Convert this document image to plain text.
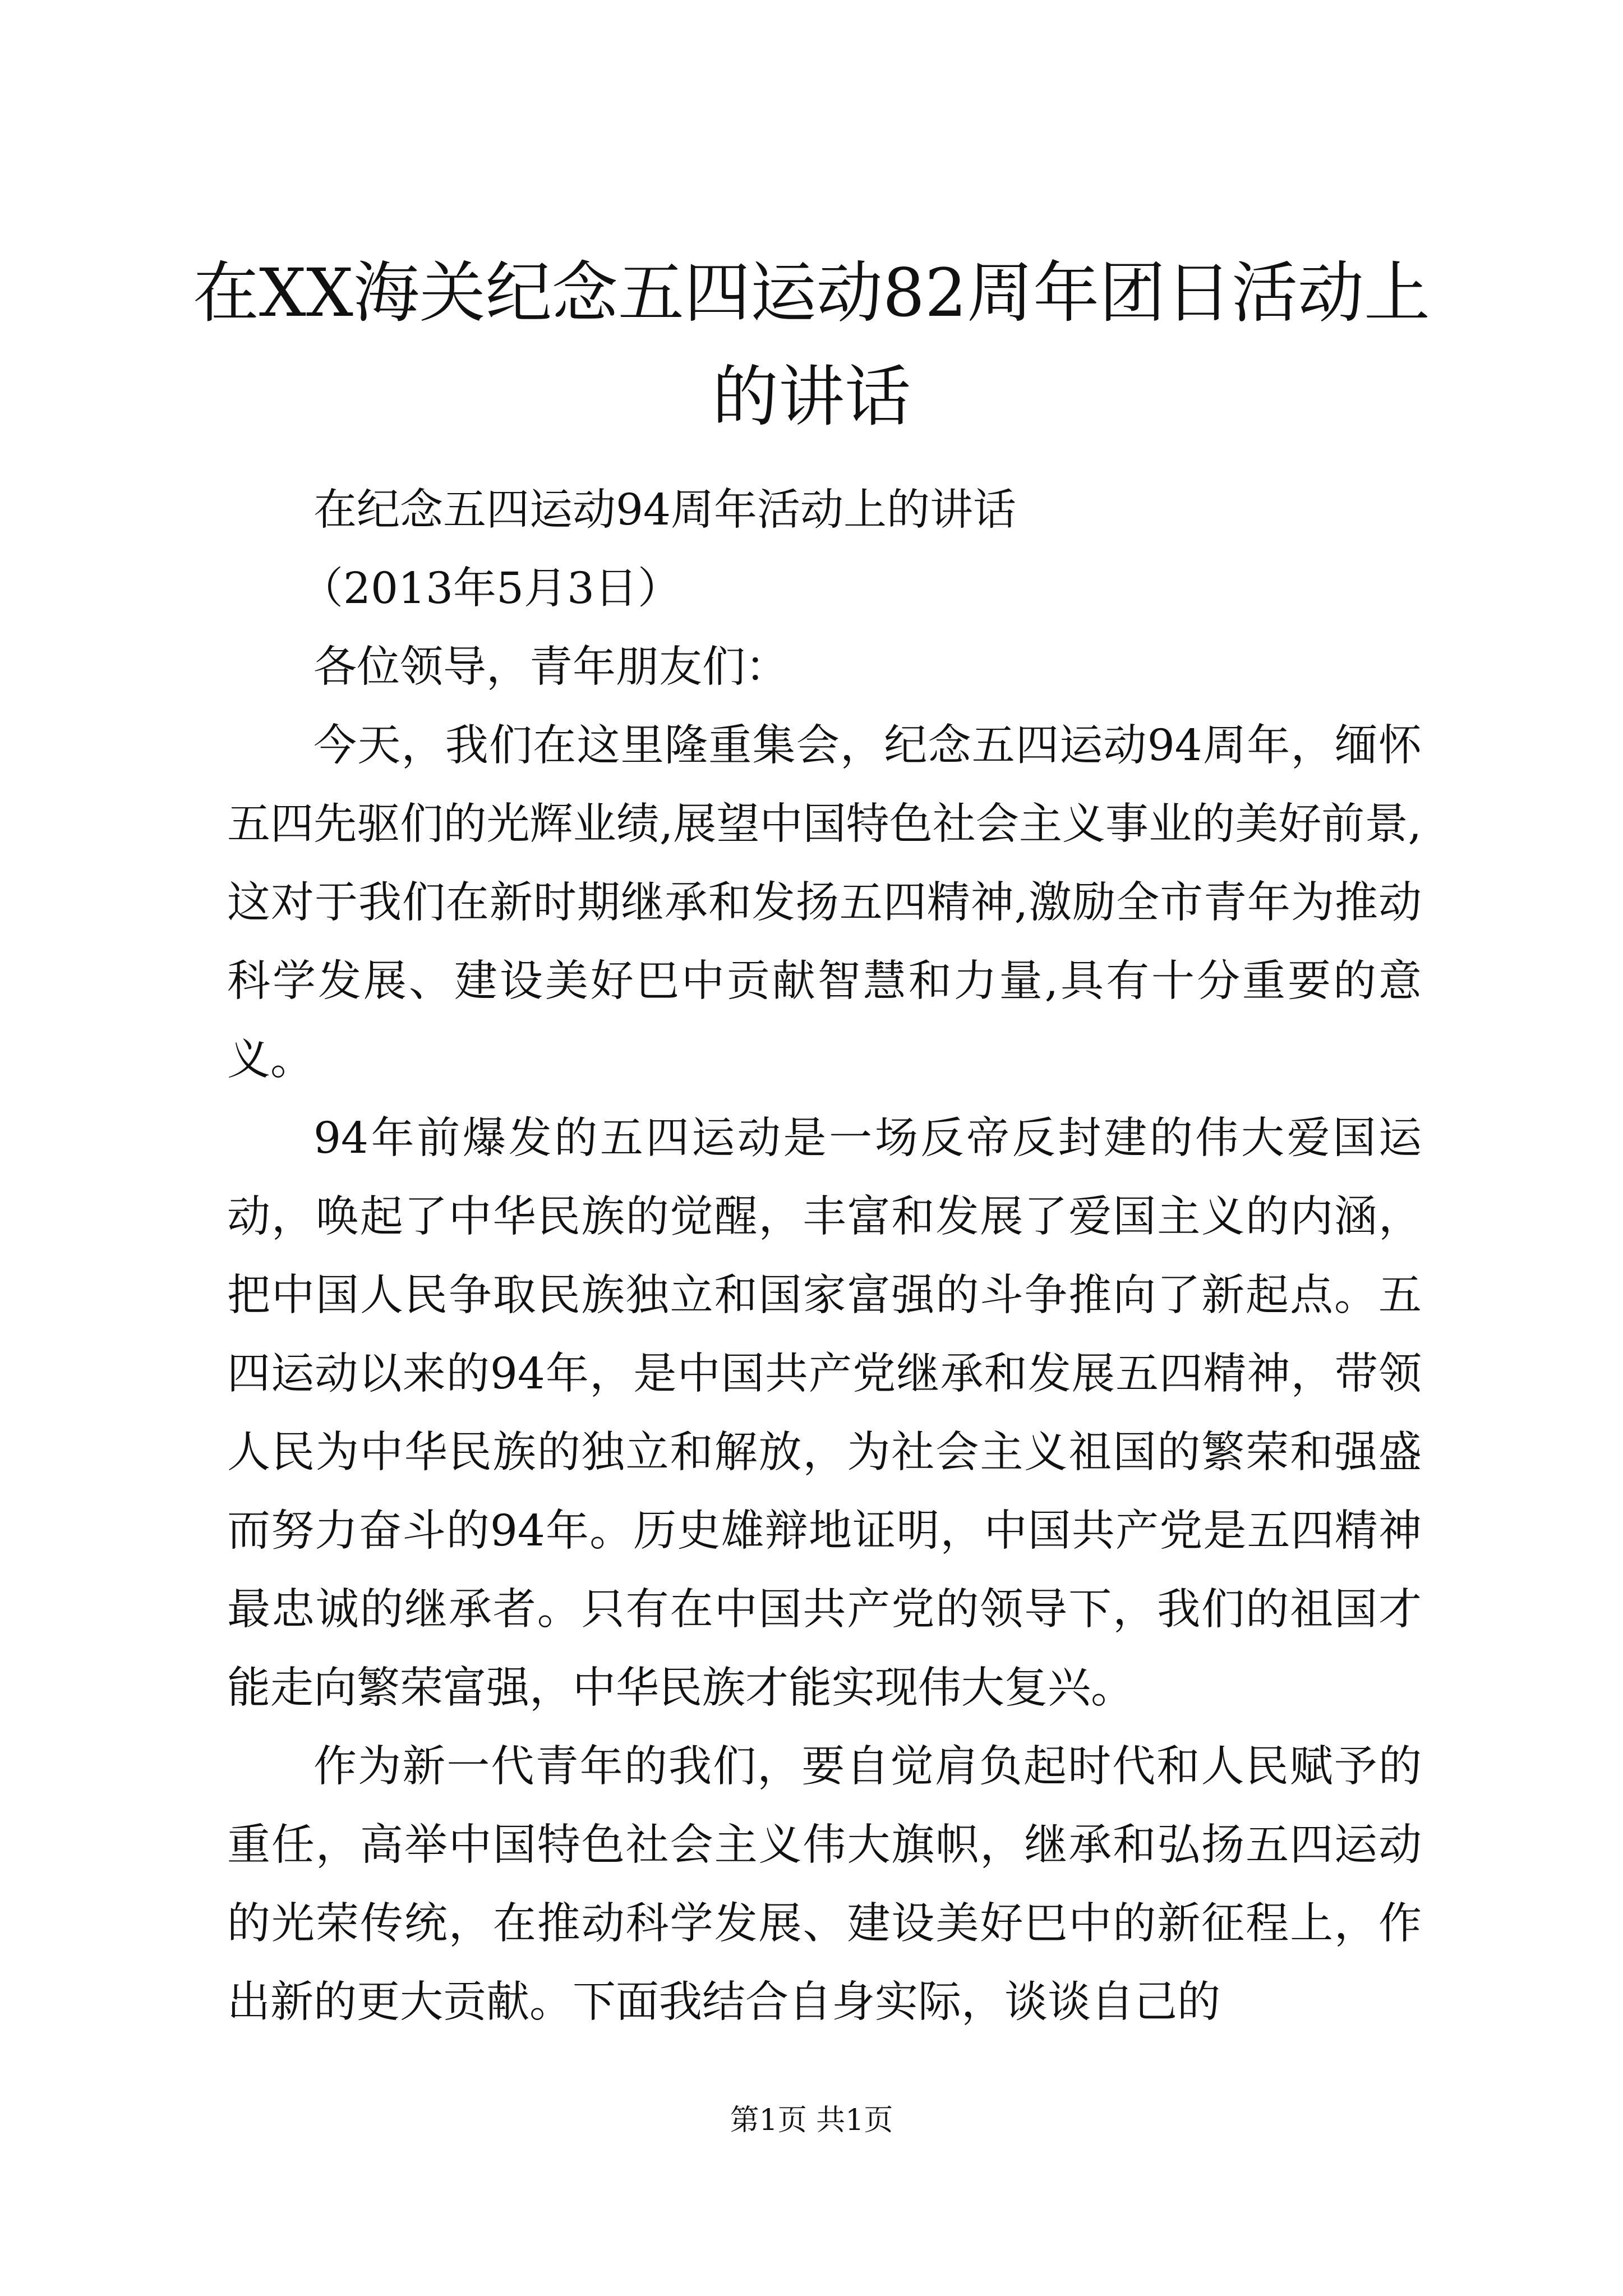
在XX海关纪念五四运动82周年团日活动上的讲话

在纪念五四运动94周年活动上的讲话

（2013年5月3日）

各位领导，青年朋友们：

今天，我们在这里隆重集会，纪念五四运动94周年，缅怀五四先驱们的光辉业绩,展望中国特色社会主义事业的美好前景,这对于我们在新时期继承和发扬五四精神,激励全市青年为推动科学发展、建设美好巴中贡献智慧和力量,具有十分重要的意义。

94年前爆发的五四运动是一场反帝反封建的伟大爱国运动，唤起了中华民族的觉醒，丰富和发展了爱国主义的内涵，把中国人民争取民族独立和国家富强的斗争推向了新起点。五四运动以来的94年，是中国共产党继承和发展五四精神，带领人民为中华民族的独立和解放，为社会主义祖国的繁荣和强盛而努力奋斗的94年。历史雄辩地证明，中国共产党是五四精神最忠诚的继承者。只有在中国共产党的领导下，我们的祖国才能走向繁荣富强，中华民族才能实现伟大复兴。

作为新一代青年的我们，要自觉肩负起时代和人民赋予的重任，高举中国特色社会主义伟大旗帜，继承和弘扬五四运动的光荣传统，在推动科学发展、建设美好巴中的新征程上，作出新的更大贡献。下面我结合自身实际，谈谈自己的

第1页 共1页
